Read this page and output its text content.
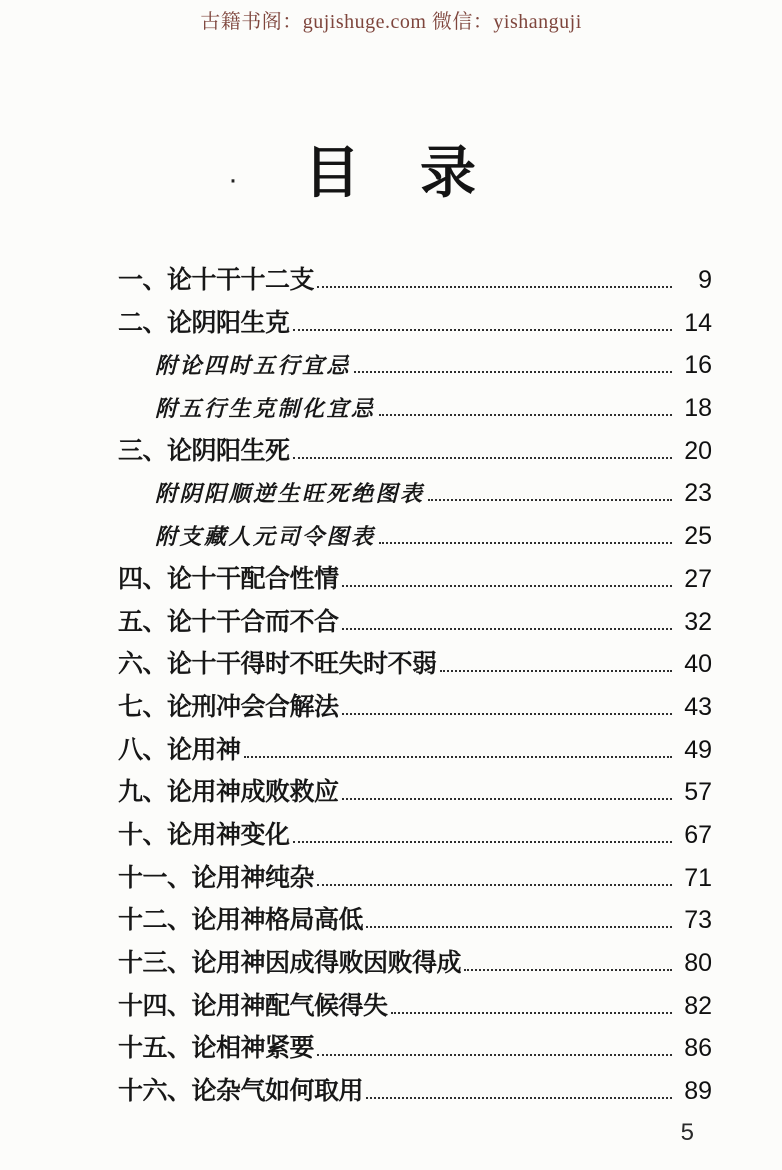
古籍书阁：gujishuge.com 微信：yishanguji
·	目　录
一、论十干十二支	9
二、论阴阳生克	14
附论四时五行宜忌	16
附五行生克制化宜忌	18
三、论阴阳生死	20
附阴阳顺逆生旺死绝图表	23
附支藏人元司令图表	25
四、论十干配合性情	27
五、论十干合而不合	32
六、论十干得时不旺失时不弱	40
七、论刑冲会合解法	43
八、论用神	49
九、论用神成败救应	57
十、论用神变化	67
十一、论用神纯杂	71
十二、论用神格局高低	73
十三、论用神因成得败因败得成	80
十四、论用神配气候得失	82
十五、论相神紧要	86
十六、论杂气如何取用	89
5
